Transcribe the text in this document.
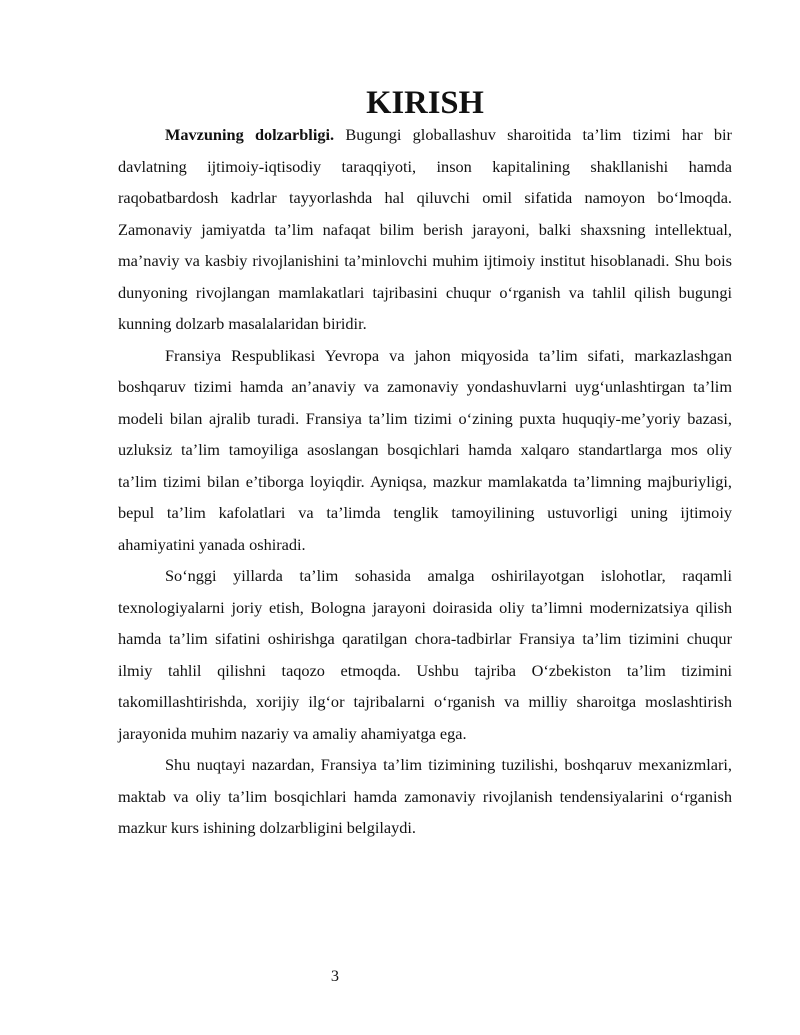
KIRISH

Mavzuning dolzarbligi. Bugungi globallashuv sharoitida ta’lim tizimi har bir davlatning ijtimoiy-iqtisodiy taraqqiyoti, inson kapitalining shakllanishi hamda raqobatbardosh kadrlar tayyorlashda hal qiluvchi omil sifatida namoyon bo‘lmoqda. Zamonaviy jamiyatda ta’lim nafaqat bilim berish jarayoni, balki shaxsning intellektual, ma’naviy va kasbiy rivojlanishini ta’minlovchi muhim ijtimoiy institut hisoblanadi. Shu bois dunyoning rivojlangan mamlakatlari tajribasini chuqur o‘rganish va tahlil qilish bugungi kunning dolzarb masalalaridan biridir.

Fransiya Respublikasi Yevropa va jahon miqyosida ta’lim sifati, markazlashgan boshqaruv tizimi hamda an’anaviy va zamonaviy yondashuvlarni uyg‘unlashtirgan ta’lim modeli bilan ajralib turadi. Fransiya ta’lim tizimi o‘zining puxta huquqiy-me’yoriy bazasi, uzluksiz ta’lim tamoyiliga asoslangan bosqichlari hamda xalqaro standartlarga mos oliy ta’lim tizimi bilan e’tiborga loyiqdir. Ayniqsa, mazkur mamlakatda ta’limning majburiyligi, bepul ta’lim kafolatlari va ta’limda tenglik tamoyilining ustuvorligi uning ijtimoiy ahamiyatini yanada oshiradi.

So‘nggi yillarda ta’lim sohasida amalga oshirilayotgan islohotlar, raqamli texnologiyalarni joriy etish, Bologna jarayoni doirasida oliy ta’limni modernizatsiya qilish hamda ta’lim sifatini oshirishga qaratilgan chora-tadbirlar Fransiya ta’lim tizimini chuqur ilmiy tahlil qilishni taqozo etmoqda. Ushbu tajriba O‘zbekiston ta’lim tizimini takomillashtirishda, xorijiy ilg‘or tajribalarni o‘rganish va milliy sharoitga moslashtirish jarayonida muhim nazariy va amaliy ahamiyatga ega.

Shu nuqtayi nazardan, Fransiya ta’lim tizimining tuzilishi, boshqaruv mexanizmlari, maktab va oliy ta’lim bosqichlari hamda zamonaviy rivojlanish tendensiyalarini o‘rganish mazkur kurs ishining dolzarbligini belgilaydi.

3
